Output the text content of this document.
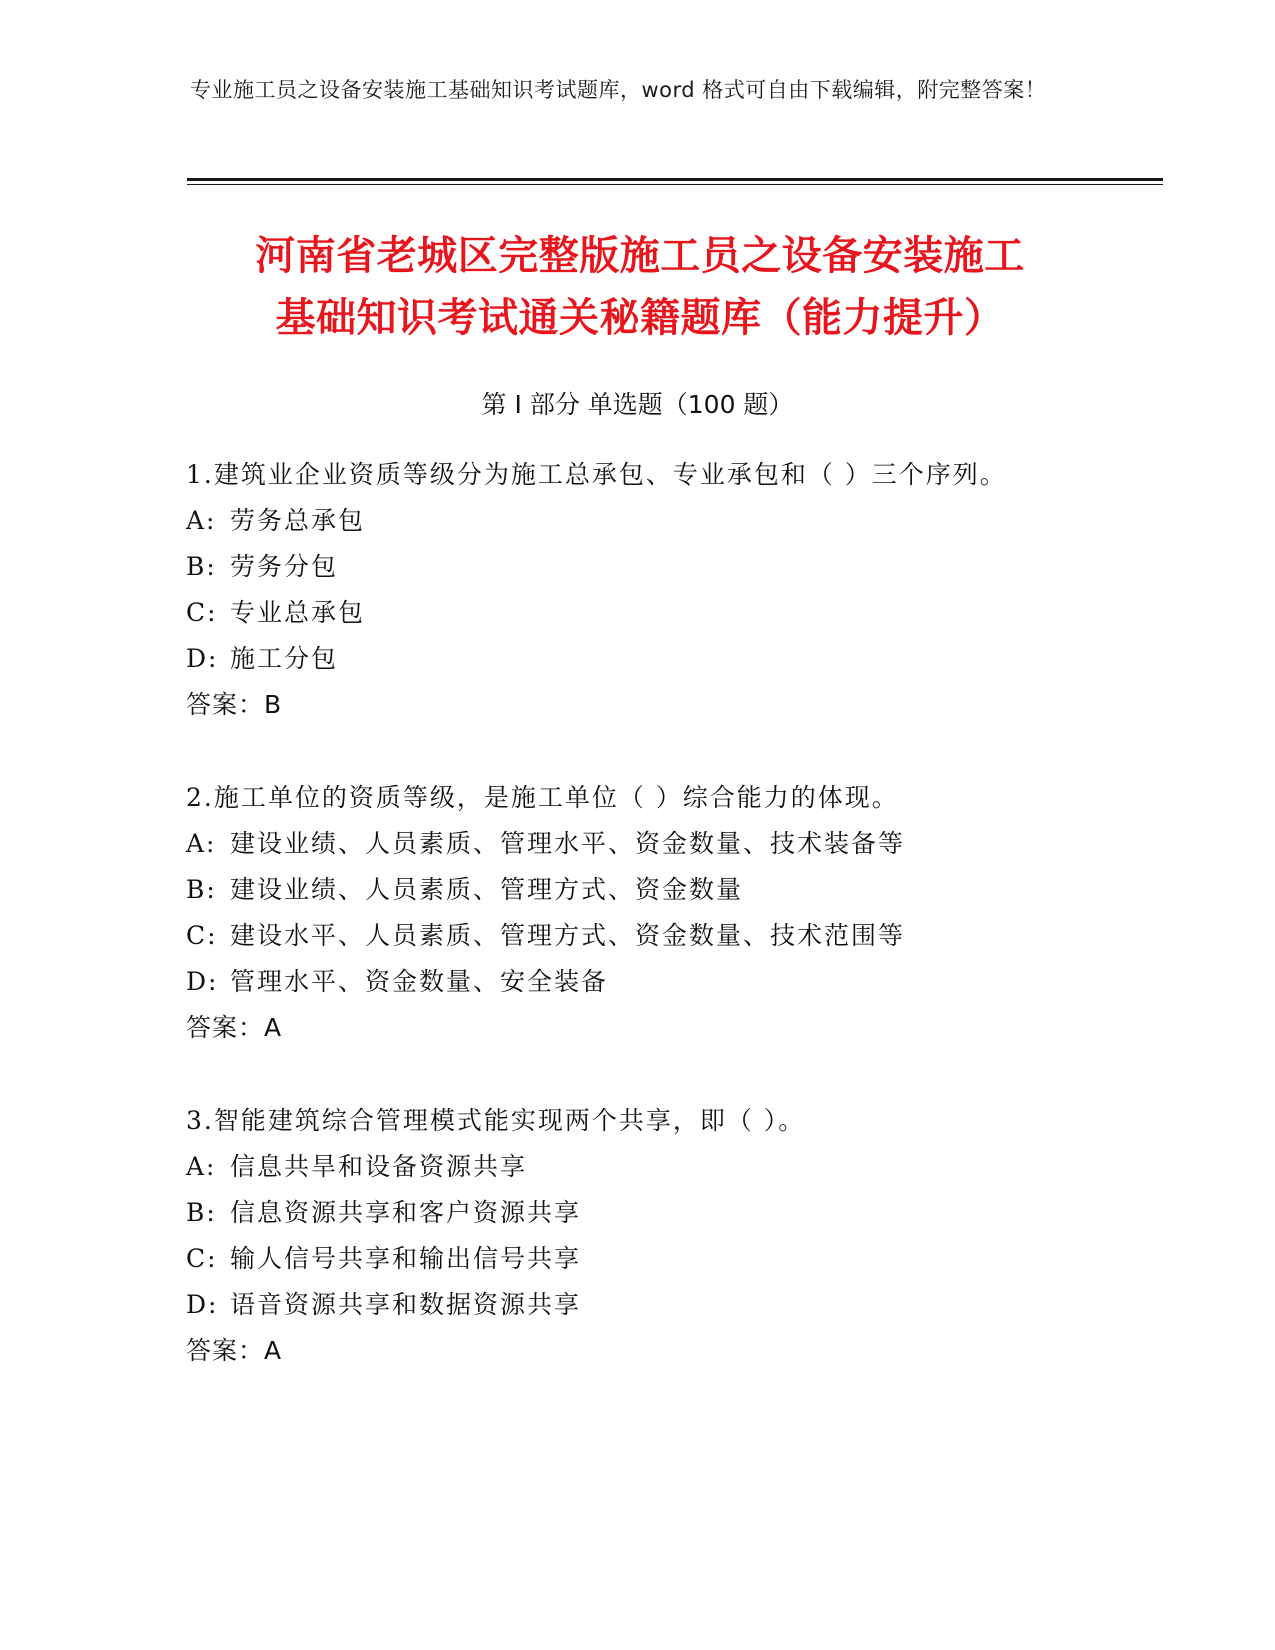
专业施工员之设备安装施工基础知识考试题库，word 格式可自由下载编辑，附完整答案！
河南省老城区完整版施工员之设备安装施工
基础知识考试通关秘籍题库（能力提升）
第 I 部分 单选题（100 题）
1.建筑业企业资质等级分为施工总承包、专业承包和（ ）三个序列。
A: 劳务总承包
B: 劳务分包
C: 专业总承包
D: 施工分包
答案：B
2.施工单位的资质等级，是施工单位（ ）综合能力的体现。
A: 建设业绩、人员素质、管理水平、资金数量、技术装备等
B: 建设业绩、人员素质、管理方式、资金数量
C: 建设水平、人员素质、管理方式、资金数量、技术范围等
D: 管理水平、资金数量、安全装备
答案：A
3.智能建筑综合管理模式能实现两个共享，即（ ）。
A: 信息共旱和设备资源共享
B: 信息资源共享和客户资源共享
C: 输人信号共享和输出信号共享
D: 语音资源共享和数据资源共享
答案：A
